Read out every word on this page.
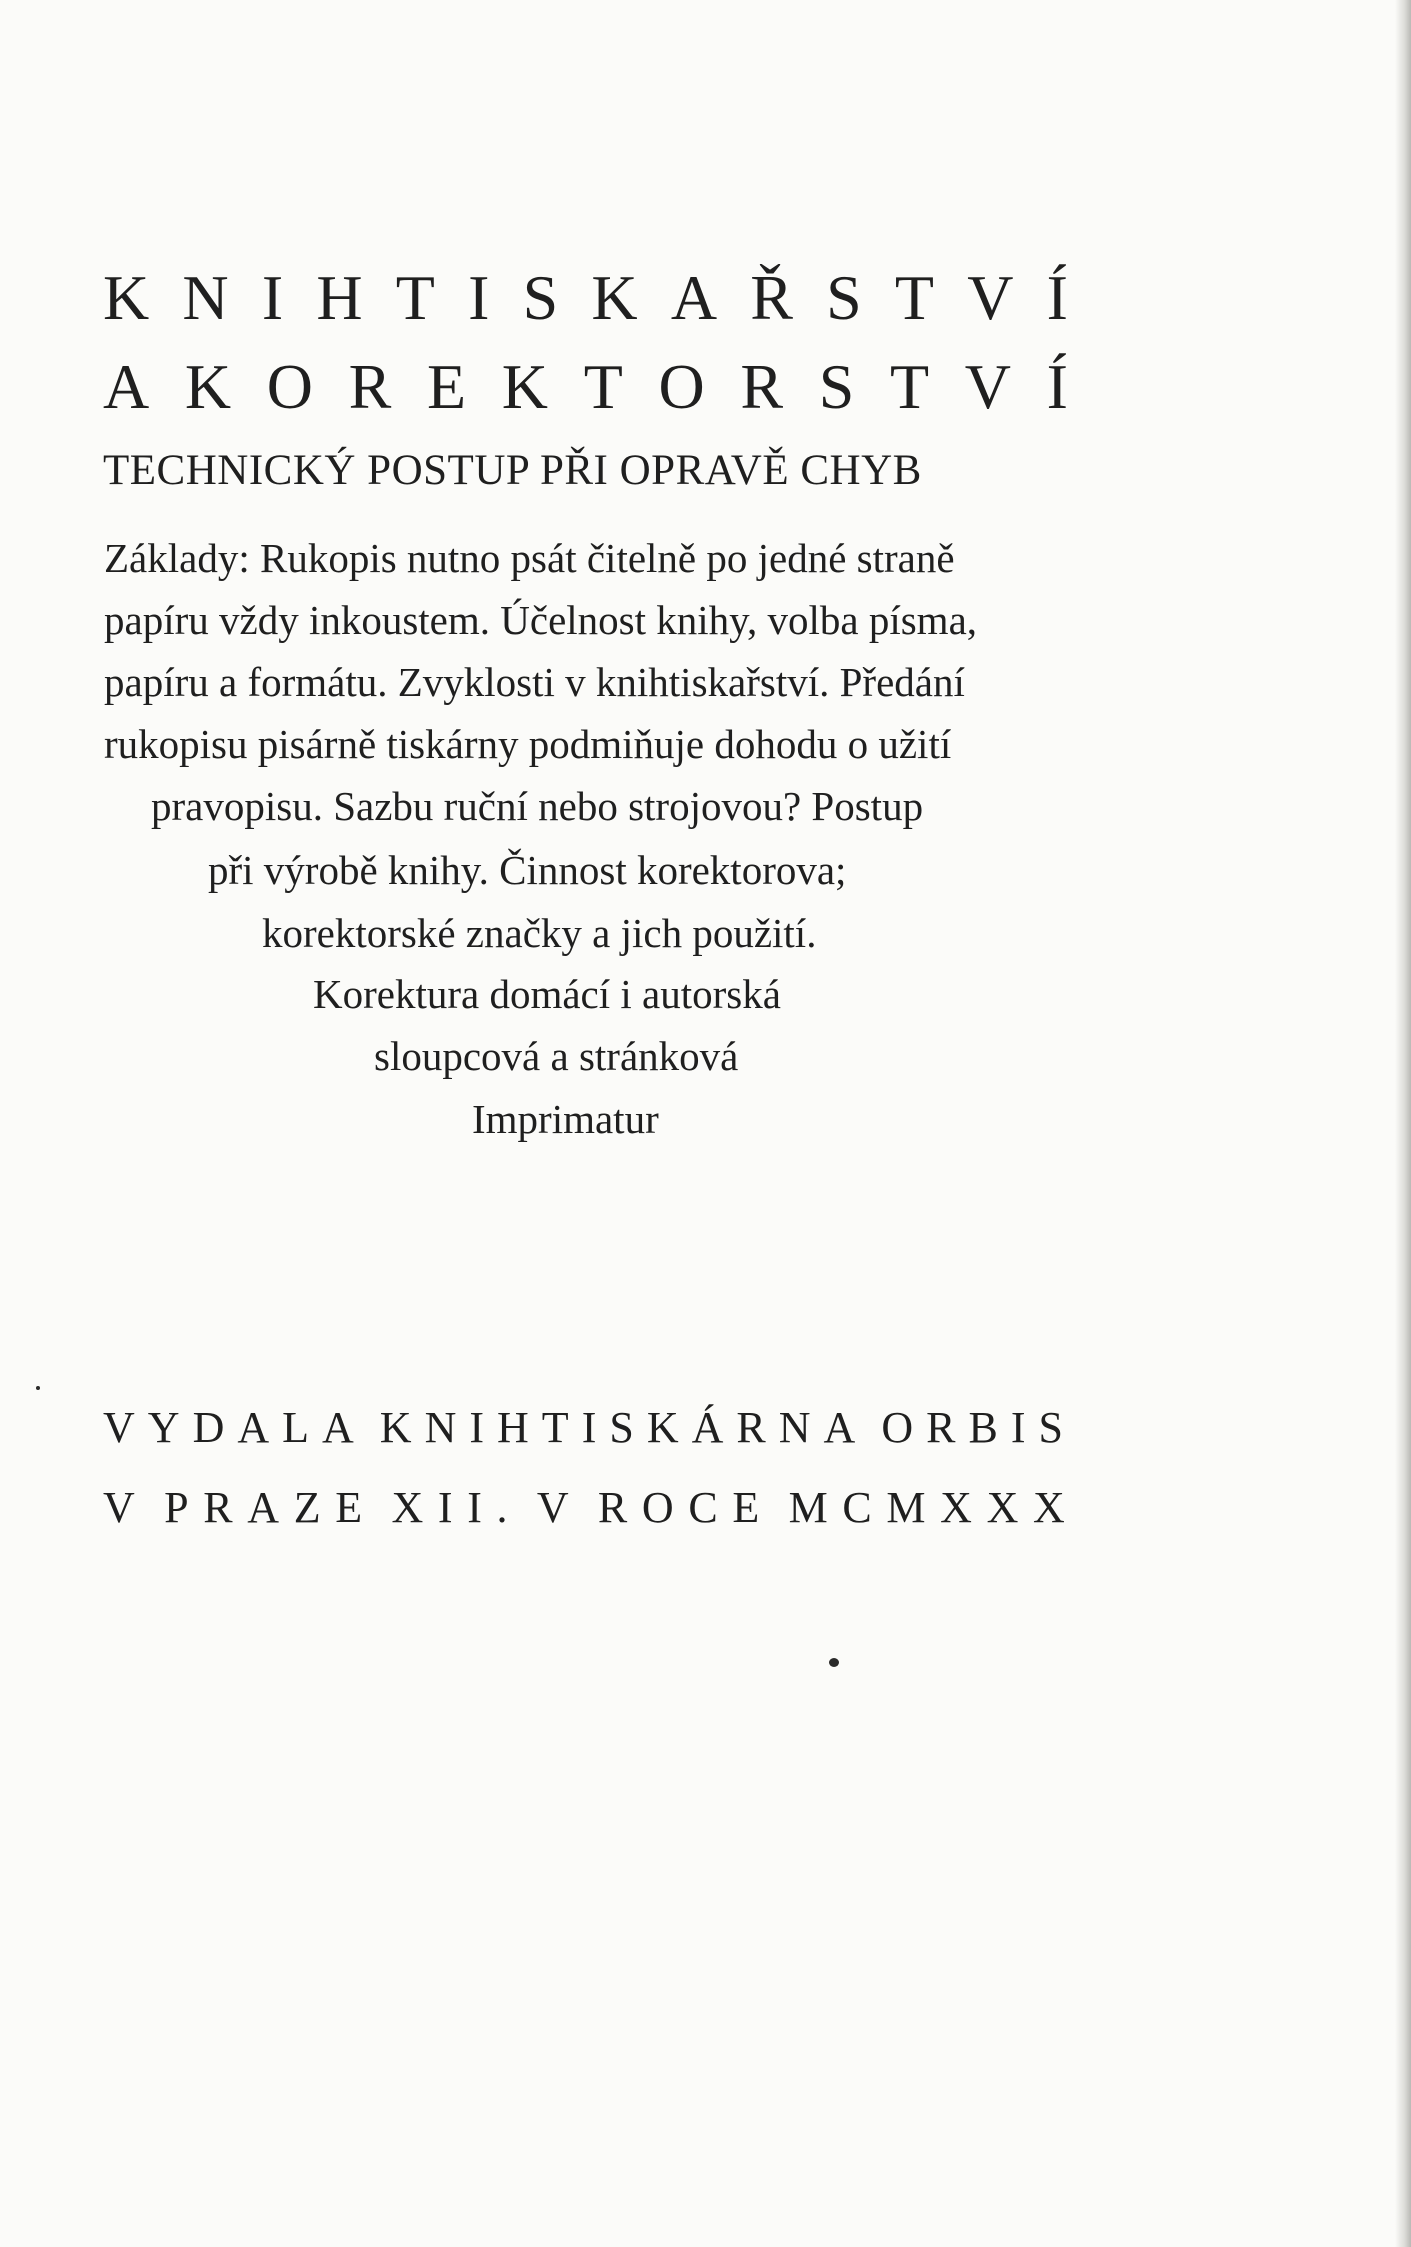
K N I H T I S K A Ř S T V Í
A K O R E K T O R S T V Í
TECHNICKÝ POSTUP PŘI OPRAVĚ CHYB
Základy: Rukopis nutno psát čitelně po jedné straně
papíru vždy inkoustem. Účelnost knihy, volba písma,
papíru a formátu. Zvyklosti v knihtiskařství. Předání
rukopisu pisárně tiskárny podmiňuje dohodu o užití
pravopisu. Sazbu ruční nebo strojovou? Postup
při výrobě knihy. Činnost korektorova;
korektorské značky a jich použití.
Korektura domácí i autorská
sloupcová a stránková
Imprimatur
V Y D A L A K N I H T I S K Á R N A O R B I S
V P R A Z E X I I . V R O C E M C M X X X
